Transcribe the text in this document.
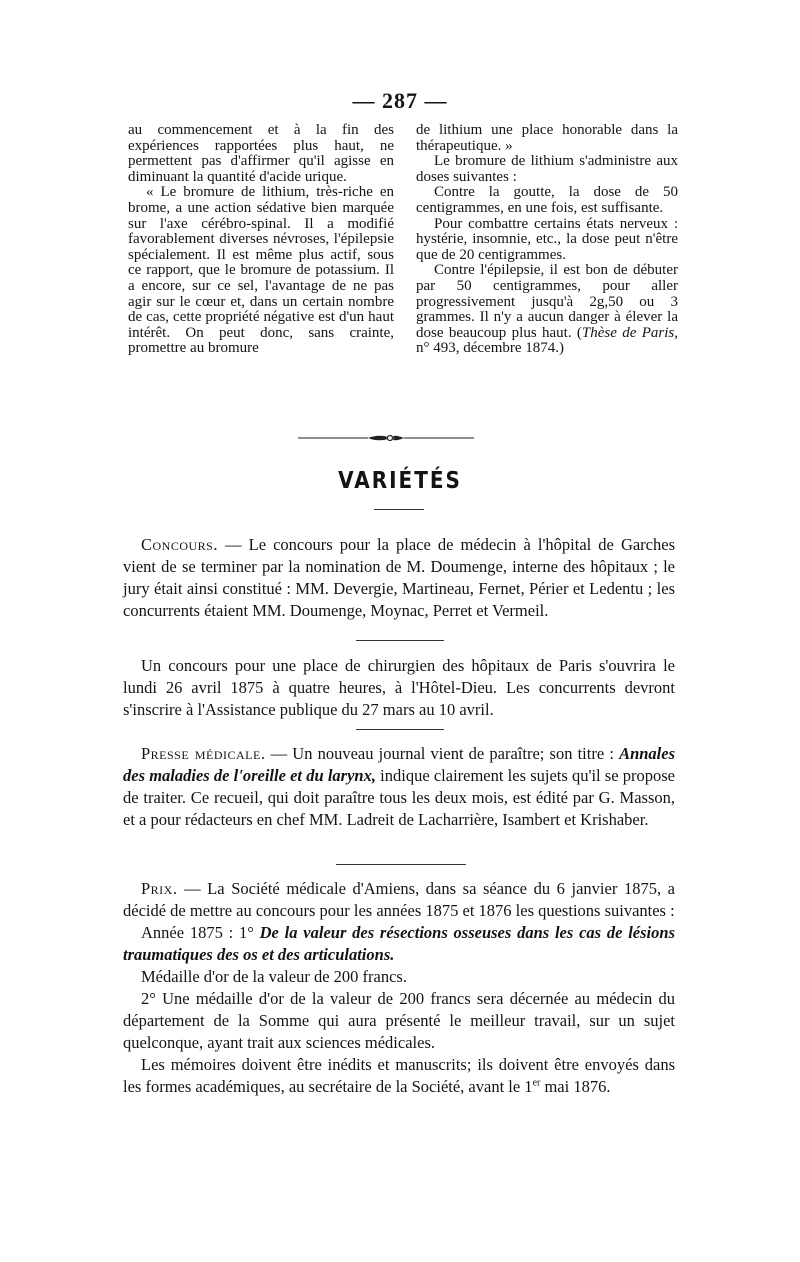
— 287 —

au commencement et à la fin des expériences rapportées plus haut, ne permettent pas d'affirmer qu'il agisse en diminuant la quantité d'acide urique.

« Le bromure de lithium, très-riche en brome, a une action sédative bien marquée sur l'axe cérébro-spinal. Il a modifié favorablement diverses névroses, l'épilepsie spécialement. Il est même plus actif, sous ce rapport, que le bromure de potassium. Il a encore, sur ce sel, l'avantage de ne pas agir sur le cœur et, dans un certain nombre de cas, cette propriété négative est d'un haut intérêt. On peut donc, sans crainte, promettre au bromure

de lithium une place honorable dans la thérapeutique. »

Le bromure de lithium s'administre aux doses suivantes :

Contre la goutte, la dose de 50 centigrammes, en une fois, est suffisante.

Pour combattre certains états nerveux : hystérie, insomnie, etc., la dose peut n'être que de 20 centigrammes.

Contre l'épilepsie, il est bon de débuter par 50 centigrammes, pour aller progressivement jusqu'à 2g,50 ou 3 grammes. Il n'y a aucun danger à élever la dose beaucoup plus haut. (Thèse de Paris, n° 493, décembre 1874.)

VARIÉTÉS

Concours. — Le concours pour la place de médecin à l'hôpital de Garches vient de se terminer par la nomination de M. Doumenge, interne des hôpitaux ; le jury était ainsi constitué : MM. Devergie, Martineau, Fernet, Périer et Ledentu ; les concurrents étaient MM. Doumenge, Moynac, Perret et Vermeil.

Un concours pour une place de chirurgien des hôpitaux de Paris s'ouvrira le lundi 26 avril 1875 à quatre heures, à l'Hôtel-Dieu. Les concurrents devront s'inscrire à l'Assistance publique du 27 mars au 10 avril.

Presse médicale. — Un nouveau journal vient de paraître; son titre : Annales des maladies de l'oreille et du larynx, indique clairement les sujets qu'il se propose de traiter. Ce recueil, qui doit paraître tous les deux mois, est édité par G. Masson, et a pour rédacteurs en chef MM. Ladreit de Lacharrière, Isambert et Krishaber.

Prix. — La Société médicale d'Amiens, dans sa séance du 6 janvier 1875, a décidé de mettre au concours pour les années 1875 et 1876 les questions suivantes :

Année 1875 : 1° De la valeur des résections osseuses dans les cas de lésions traumatiques des os et des articulations.

Médaille d'or de la valeur de 200 francs.

2° Une médaille d'or de la valeur de 200 francs sera décernée au médecin du département de la Somme qui aura présenté le meilleur travail, sur un sujet quelconque, ayant trait aux sciences médicales.

Les mémoires doivent être inédits et manuscrits; ils doivent être envoyés dans les formes académiques, au secrétaire de la Société, avant le 1er mai 1876.
